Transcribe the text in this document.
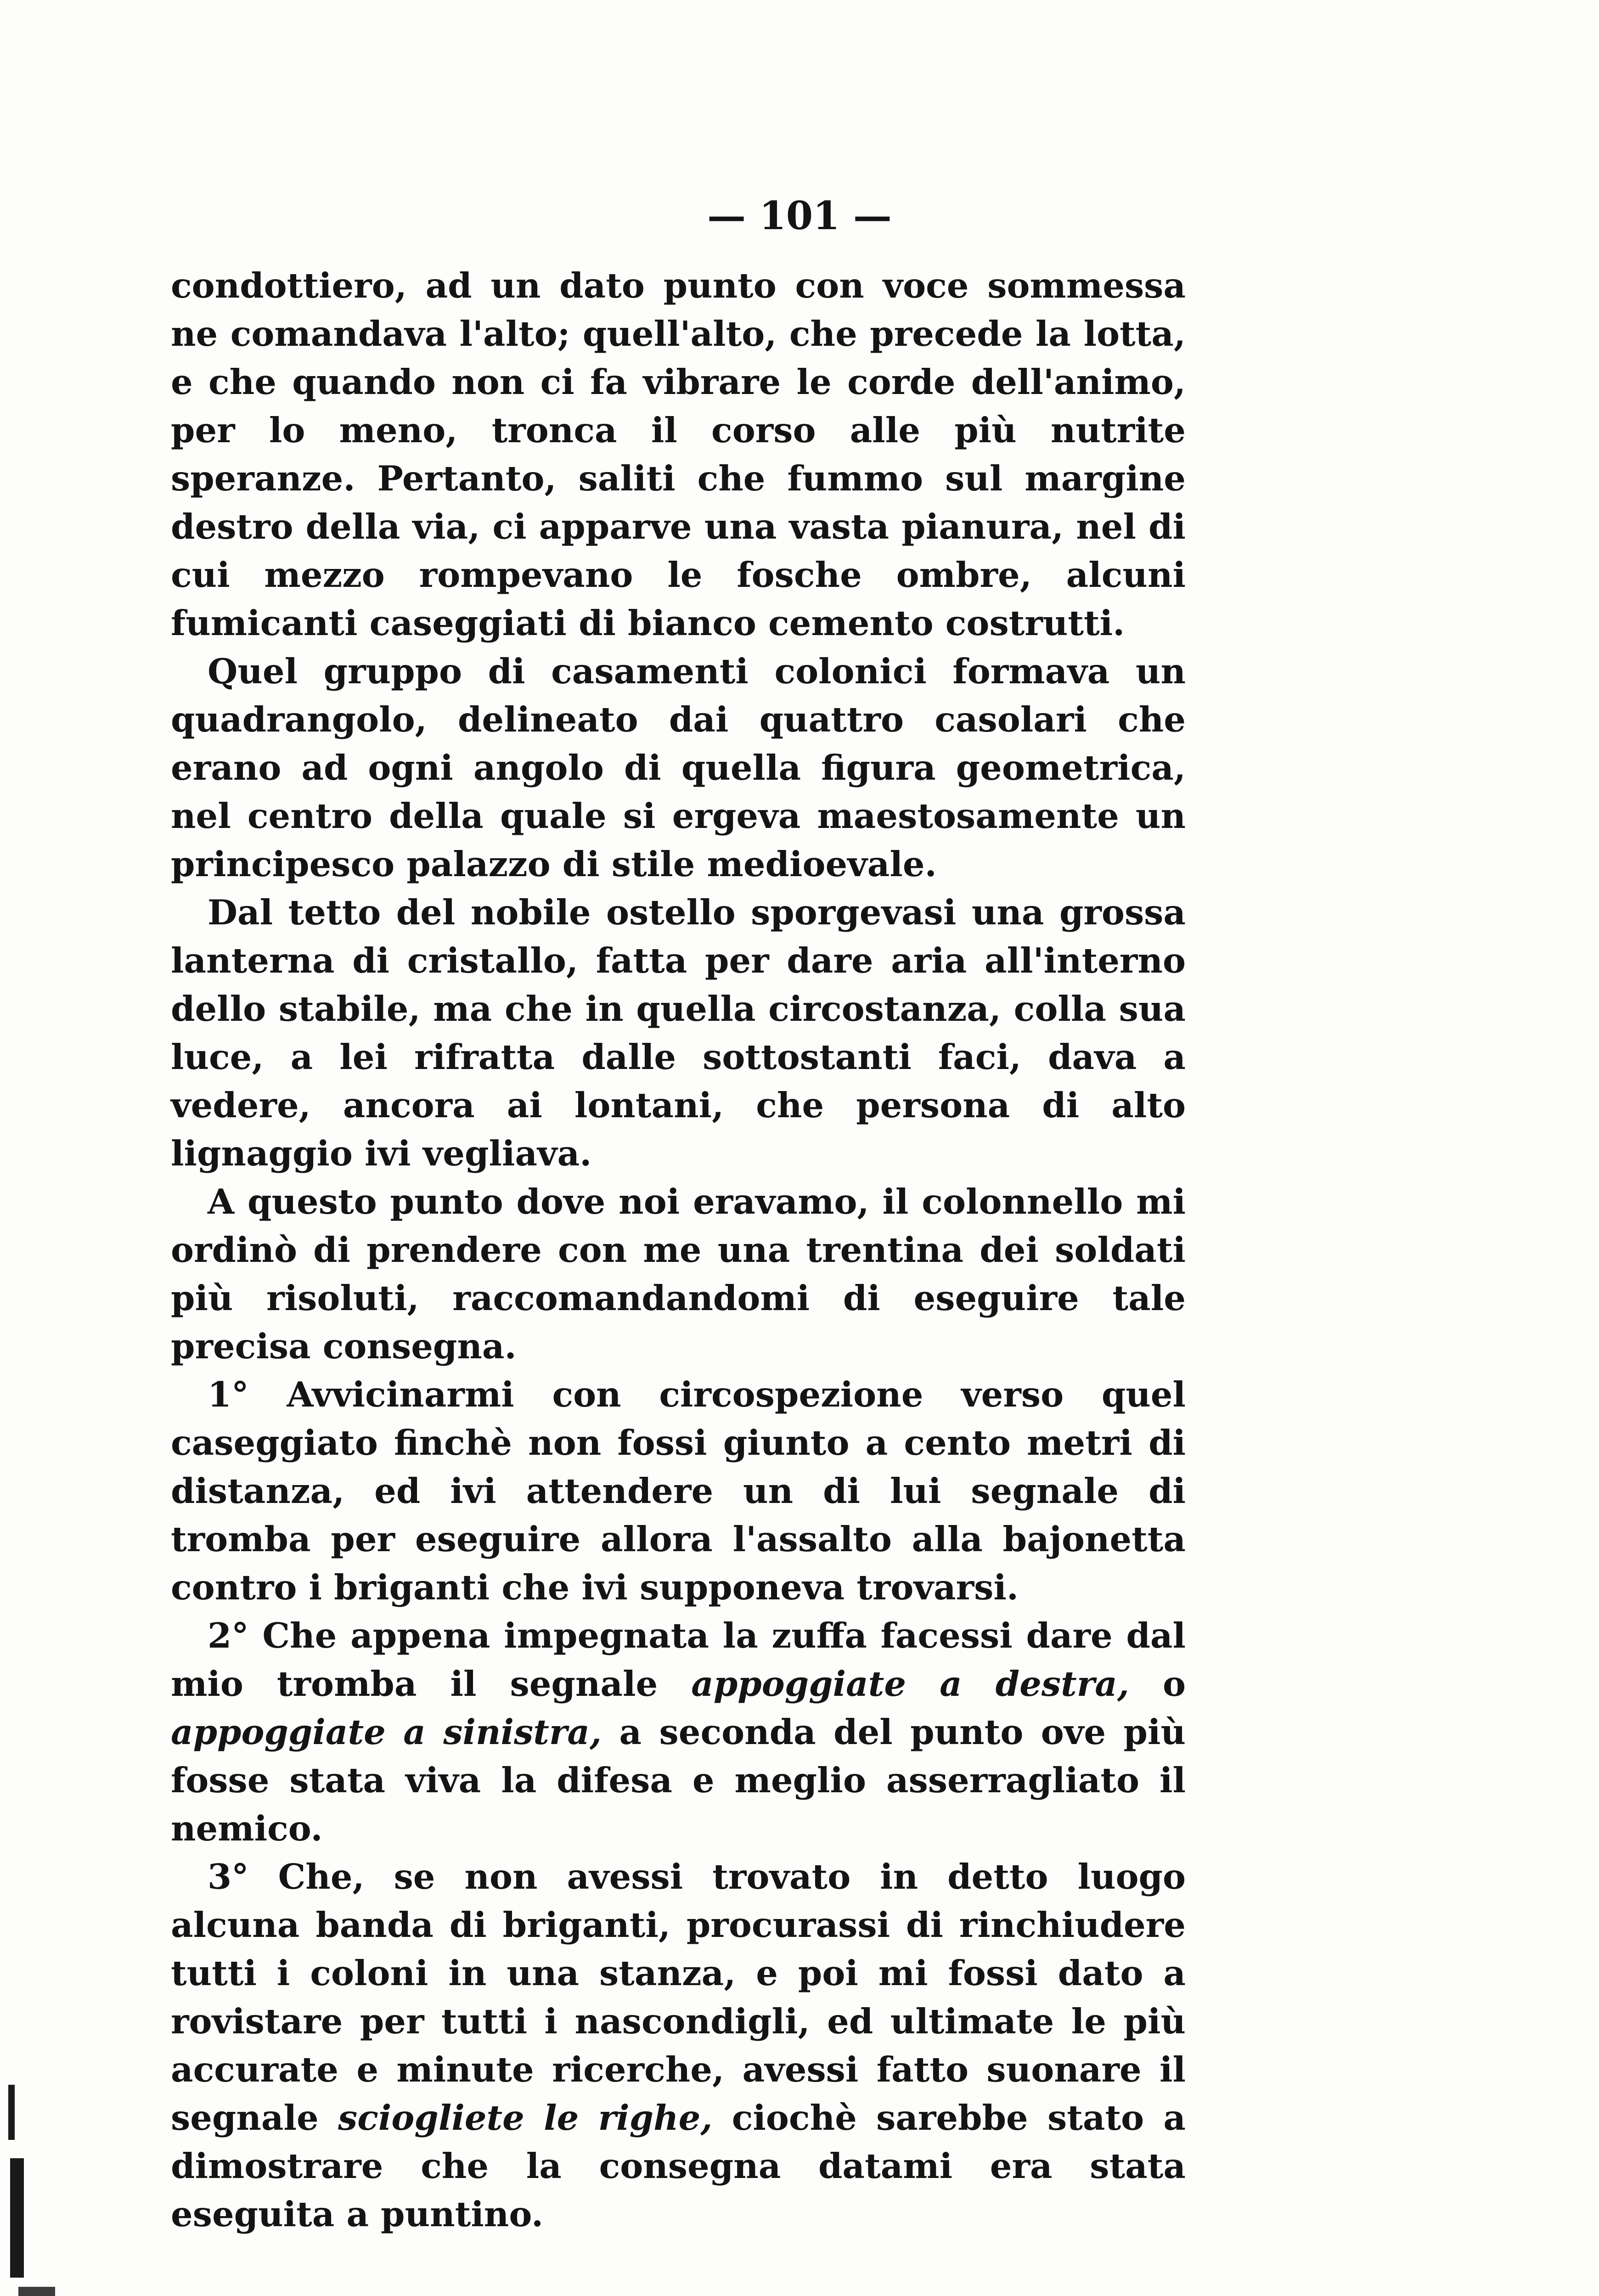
— 101 —

condottiero, ad un dato punto con voce sommessa ne comandava l'alto; quell'alto, che precede la lotta, e che quando non ci fa vibrare le corde dell'animo, per lo meno, tronca il corso alle più nutrite speranze. Pertanto, saliti che fummo sul margine destro della via, ci apparve una vasta pianura, nel di cui mezzo rompevano le fosche ombre, alcuni fumicanti caseggiati di bianco cemento costrutti.

Quel gruppo di casamenti colonici formava un quadrangolo, delineato dai quattro casolari che erano ad ogni angolo di quella figura geometrica, nel centro della quale si ergeva maestosamente un principesco palazzo di stile medioevale.

Dal tetto del nobile ostello sporgevasi una grossa lanterna di cristallo, fatta per dare aria all'interno dello stabile, ma che in quella circostanza, colla sua luce, a lei rifratta dalle sottostanti faci, dava a vedere, ancora ai lontani, che persona di alto lignaggio ivi vegliava.

A questo punto dove noi eravamo, il colonnello mi ordinò di prendere con me una trentina dei soldati più risoluti, raccomandandomi di eseguire tale precisa consegna.

1° Avvicinarmi con circospezione verso quel caseggiato finchè non fossi giunto a cento metri di distanza, ed ivi attendere un di lui segnale di tromba per eseguire allora l'assalto alla bajonetta contro i briganti che ivi supponeva trovarsi.

2° Che appena impegnata la zuffa facessi dare dal mio tromba il segnale appoggiate a destra, o appoggiate a sinistra, a seconda del punto ove più fosse stata viva la difesa e meglio asserragliato il nemico.

3° Che, se non avessi trovato in detto luogo alcuna banda di briganti, procurassi di rinchiudere tutti i coloni in una stanza, e poi mi fossi dato a rovistare per tutti i nascondigli, ed ultimate le più accurate e minute ricerche, avessi fatto suonare il segnale sciogliete le righe, ciochè sarebbe stato a dimostrare che la consegna datami era stata eseguita a puntino.
